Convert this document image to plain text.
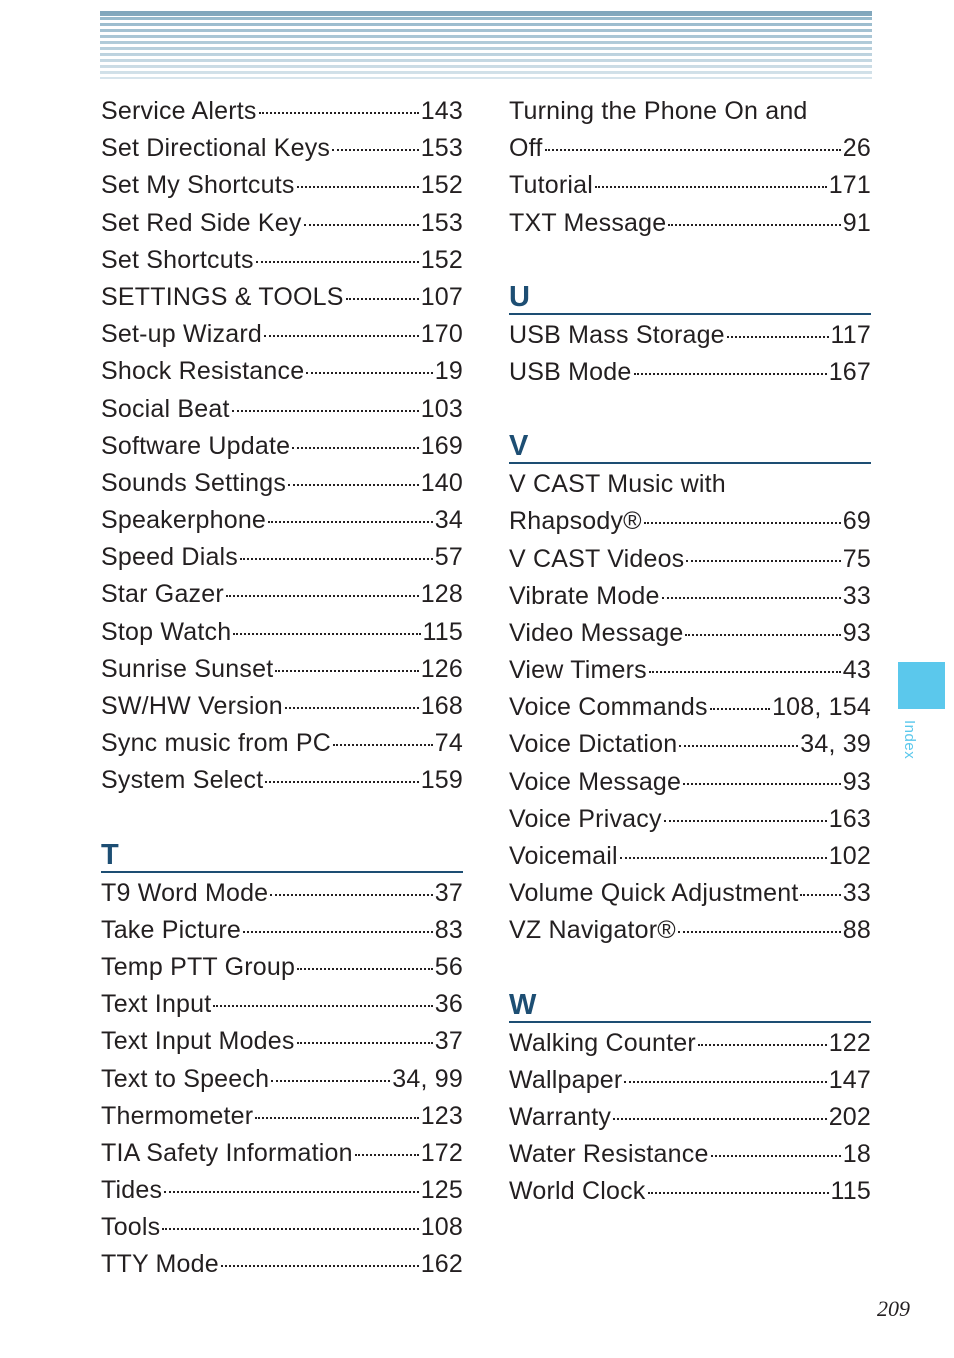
Service Alerts	143
Set Directional Keys	153
Set My Shortcuts	152
Set Red Side Key	153
Set Shortcuts	152
SETTINGS & TOOLS	107
Set-up Wizard	170
Shock Resistance	19
Social Beat	103
Software Update	169
Sounds Settings	140
Speakerphone	34
Speed Dials	57
Star Gazer	128
Stop Watch	115
Sunrise Sunset	126
SW/HW Version	168
Sync music from PC	74
System Select	159
T
T9 Word Mode	37
Take Picture	83
Temp PTT Group	56
Text Input	36
Text Input Modes	37
Text to Speech	34, 99
Thermometer	123
TIA Safety Information	172
Tides	125
Tools	108
TTY Mode	162
Turning the Phone On and
Off	26
Tutorial	171
TXT Message	91
U
USB Mass Storage	117
USB Mode	167
V
V CAST Music with
Rhapsody®	69
V CAST Videos	75
Vibrate Mode	33
Video Message	93
View Timers	43
Voice Commands	108, 154
Voice Dictation	34, 39
Voice Message	93
Voice Privacy	163
Voicemail	102
Volume Quick Adjustment 33
VZ Navigator®	88
W
Walking Counter	122
Wallpaper	147
Warranty	202
Water Resistance	18
World Clock	115
Index
209
